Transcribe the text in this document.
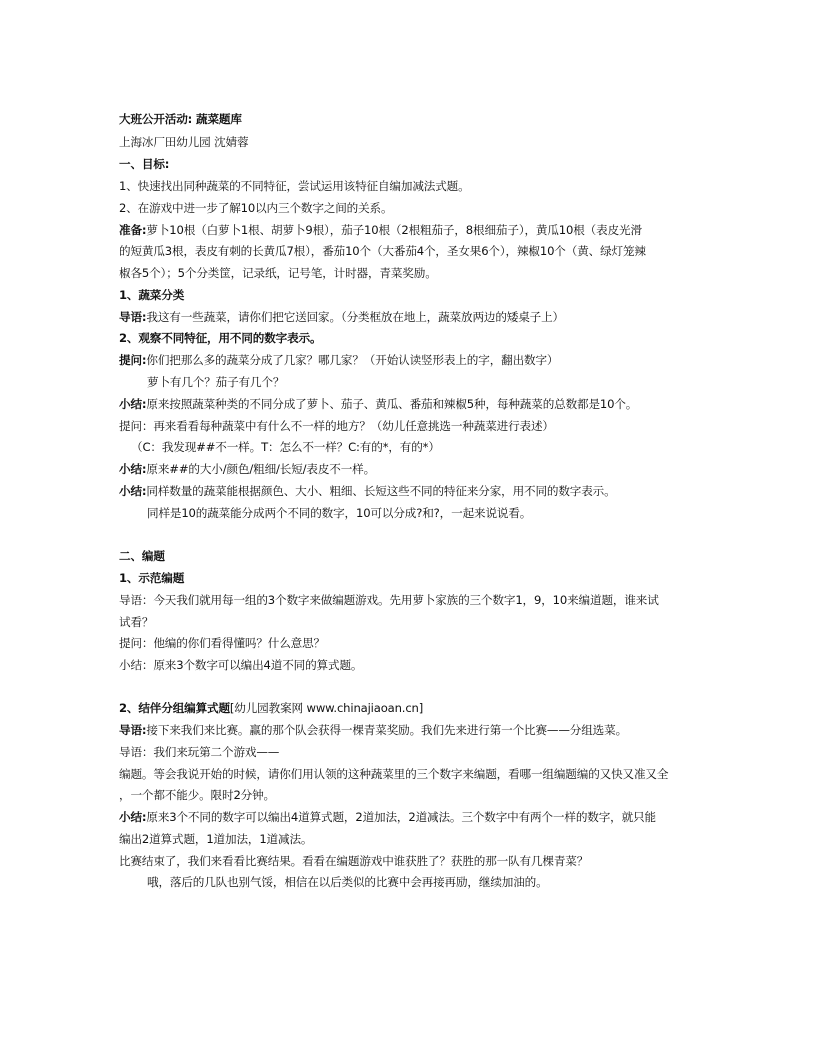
大班公开活动: 蔬菜题库
上海冰厂田幼儿园 沈婧蓉
一、目标:
1、快速找出同种蔬菜的不同特征，尝试运用该特征自编加减法式题。
2、在游戏中进一步了解10以内三个数字之间的关系。
准备:萝卜10根（白萝卜1根、胡萝卜9根），茄子10根（2根粗茄子，8根细茄子），黄瓜10根（表皮光滑
的短黄瓜3根，表皮有刺的长黄瓜7根），番茄10个（大番茄4个，圣女果6个），辣椒10个（黄、绿灯笼辣
椒各5个）；5个分类筐，记录纸，记号笔，计时器，青菜奖励。
1、蔬菜分类
导语:我这有一些蔬菜，请你们把它送回家。（分类框放在地上，蔬菜放两边的矮桌子上）
2、观察不同特征，用不同的数字表示。
提问:你们把那么多的蔬菜分成了几家？哪几家？（开始认读竖形表上的字，翻出数字）
萝卜有几个？茄子有几个？
小结:原来按照蔬菜种类的不同分成了萝卜、茄子、黄瓜、番茄和辣椒5种，每种蔬菜的总数都是10个。
提问：再来看看每种蔬菜中有什么不一样的地方？（幼儿任意挑选一种蔬菜进行表述）
（C：我发现##不一样。T：怎么不一样？C:有的*，有的*）
小结:原来##的大小/颜色/粗细/长短/表皮不一样。
小结:同样数量的蔬菜能根据颜色、大小、粗细、长短这些不同的特征来分家，用不同的数字表示。
同样是10的蔬菜能分成两个不同的数字，10可以分成?和?，一起来说说看。
二、编题
1、示范编题
导语：今天我们就用每一组的3个数字来做编题游戏。先用萝卜家族的三个数字1，9，10来编道题，谁来试
试看？
提问：他编的你们看得懂吗？什么意思？
小结：原来3个数字可以编出4道不同的算式题。
2、结伴分组编算式题[幼儿园教案网 www.chinajiaoan.cn]
导语:接下来我们来比赛。赢的那个队会获得一棵青菜奖励。我们先来进行第一个比赛——分组选菜。
导语：我们来玩第二个游戏——
编题。等会我说开始的时候，请你们用认领的这种蔬菜里的三个数字来编题，看哪一组编题编的又快又准又全
，一个都不能少。限时2分钟。
小结:原来3个不同的数字可以编出4道算式题，2道加法，2道减法。三个数字中有两个一样的数字，就只能
编出2道算式题，1道加法，1道减法。
比赛结束了，我们来看看比赛结果。看看在编题游戏中谁获胜了？获胜的那一队有几棵青菜？
哦，落后的几队也别气馁，相信在以后类似的比赛中会再接再励，继续加油的。
